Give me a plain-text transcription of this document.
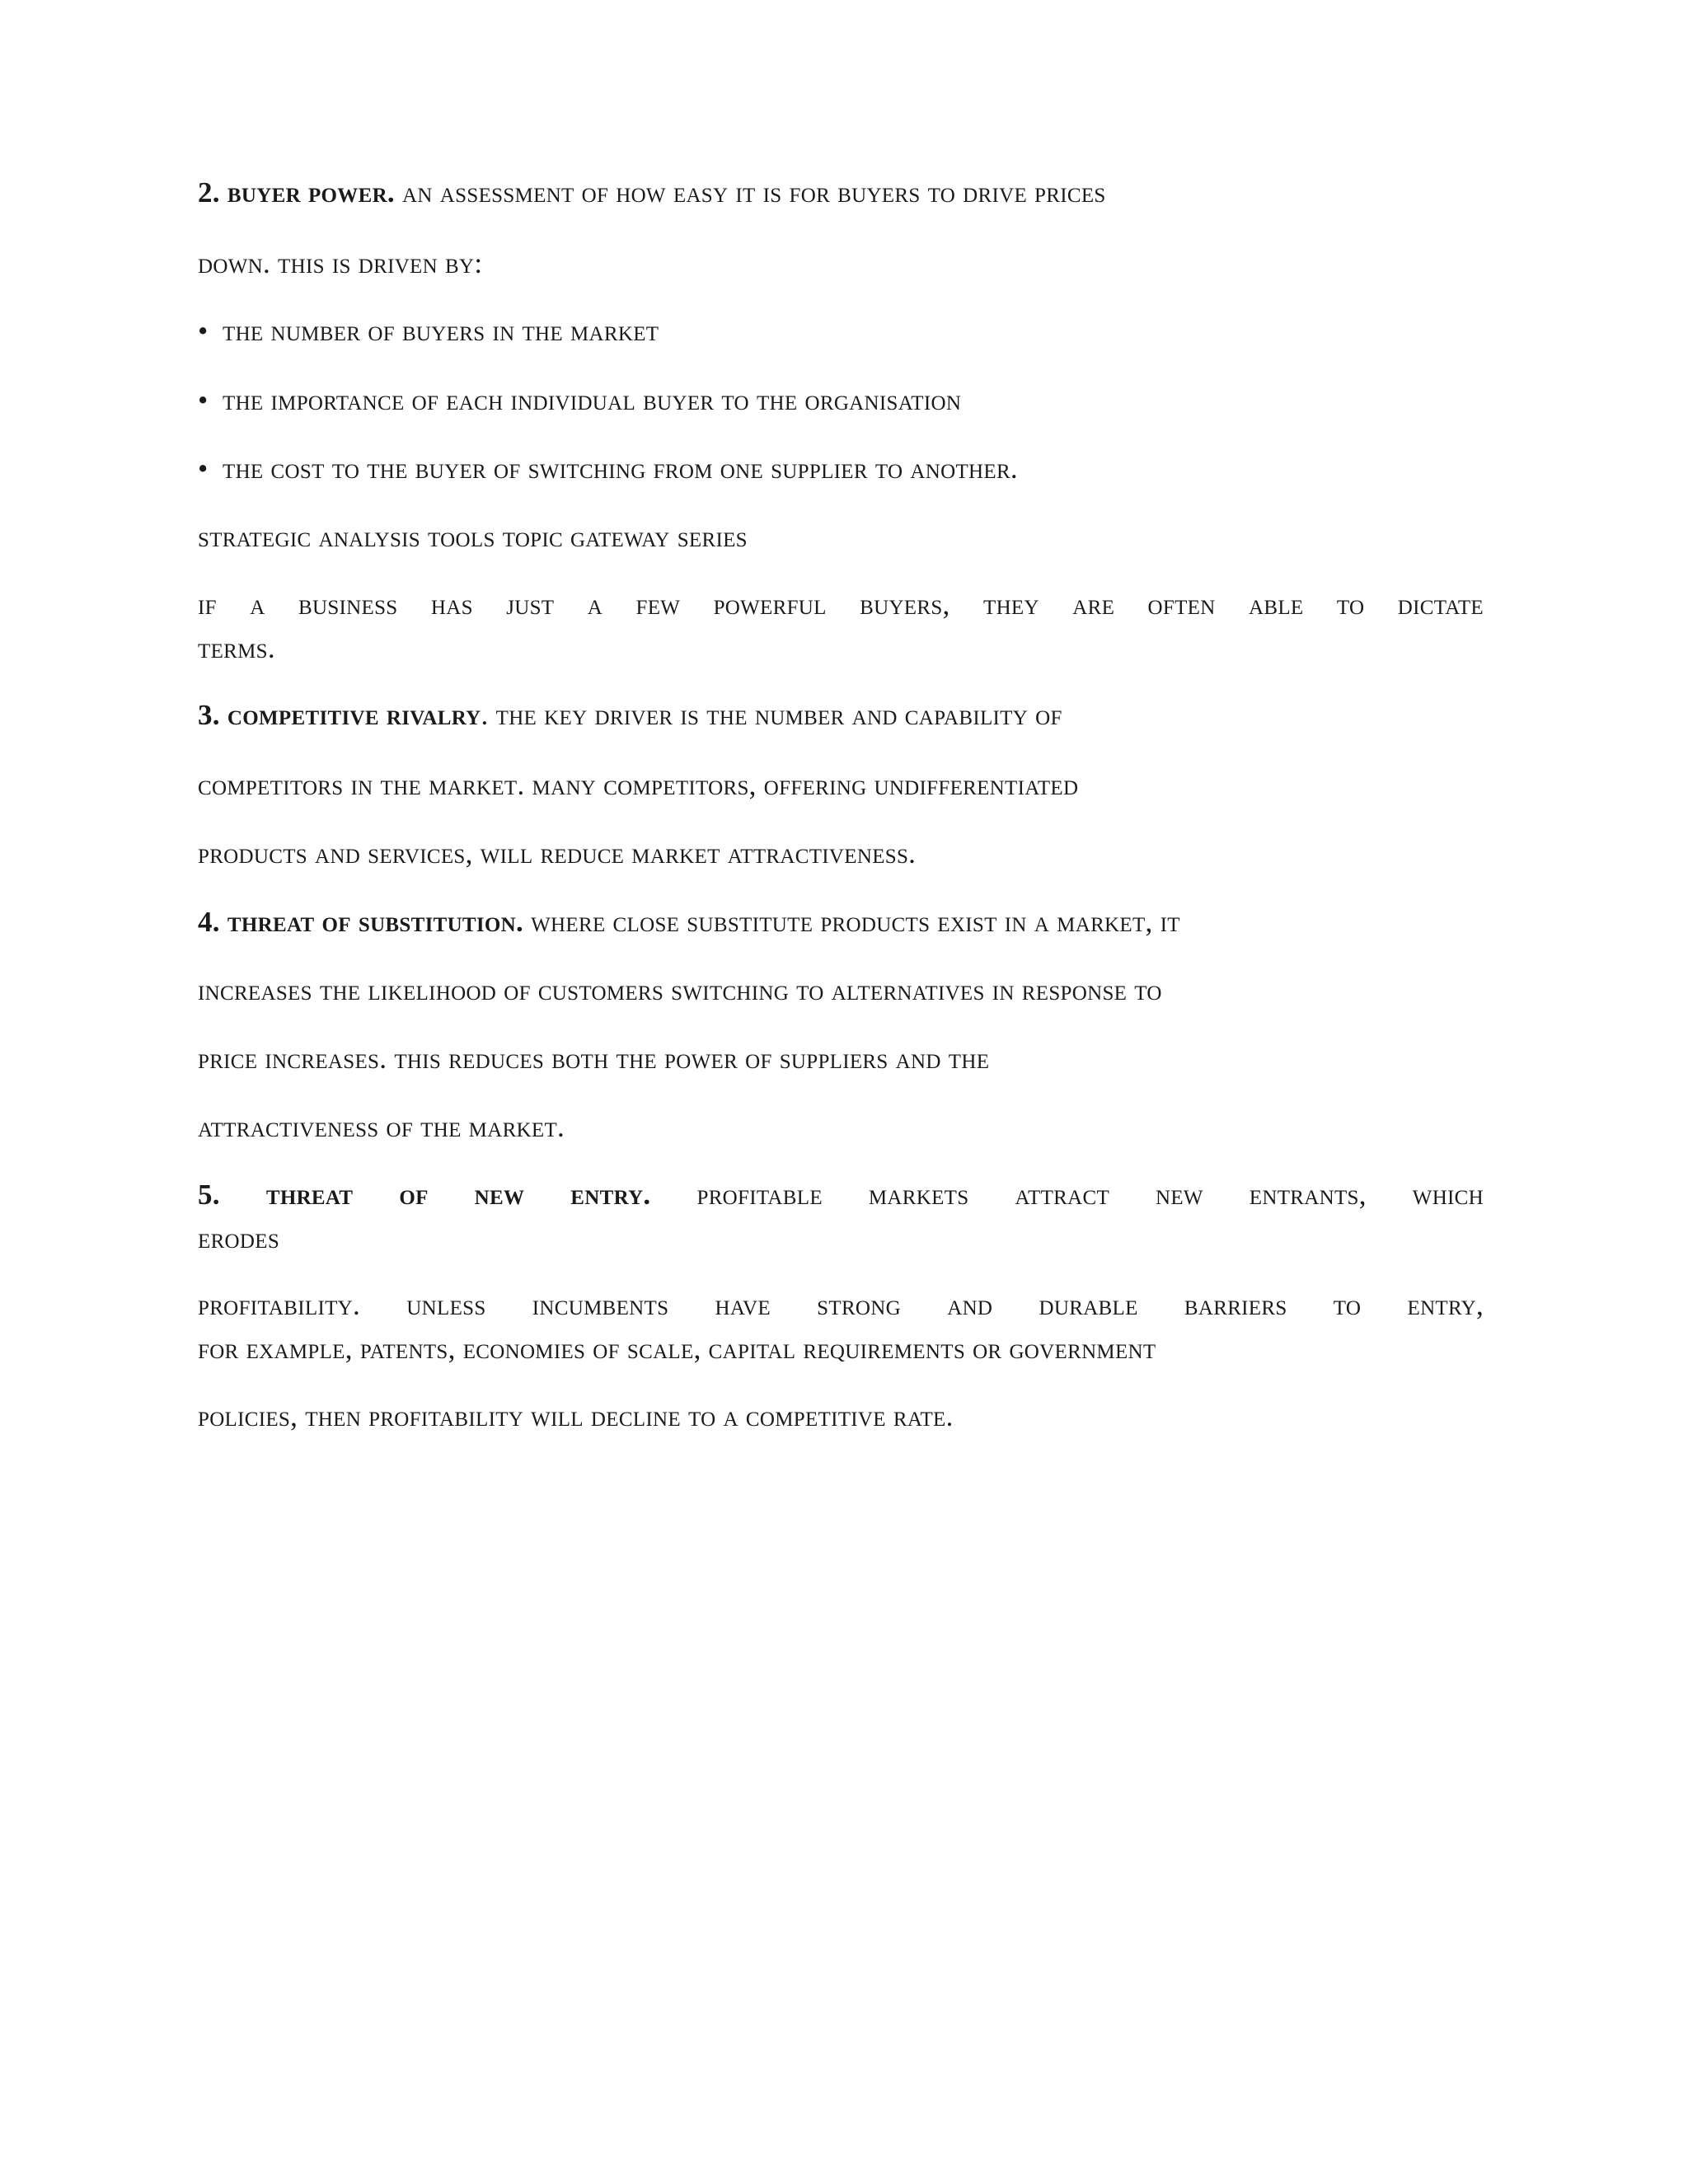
2. buyer power. an assessment of how easy it is for buyers to drive prices

down. this is driven by:

• the number of buyers in the market

• the importance of each individual buyer to the organisation

• the cost to the buyer of switching from one supplier to another.

strategic analysis tools topic gateway series

if a business has just a few powerful buyers, they are often able to dictate

terms.

3. competitive rivalry. the key driver is the number and capability of

competitors in the market. many competitors, offering undifferentiated

products and services, will reduce market attractiveness.

4. threat of substitution. where close substitute products exist in a market, it

increases the likelihood of customers switching to alternatives in response to

price increases. this reduces both the power of suppliers and the

attractiveness of the market.

5. threat of new entry. profitable markets attract new entrants, which

erodes

profitability. unless incumbents have strong and durable barriers to entry,

for example, patents, economies of scale, capital requirements or government

policies, then profitability will decline to a competitive rate.
